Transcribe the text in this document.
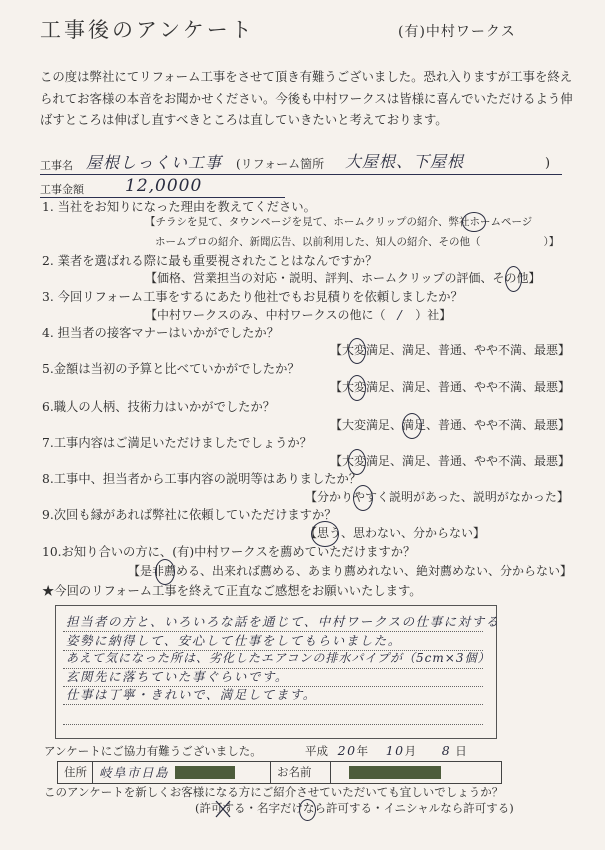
工事後のアンケート	(有)中村ワークス
この度は弊社にてリフォーム工事をさせて頂き有難うございました。恐れ入りますが工事を終え
られてお客様の本音をお聞かせください。今後も中村ワークスは皆様に喜んでいただけるよう伸
ばすところは伸ばし直すべきところは直していきたいと考えております。
工事名 屋根しっくい工事 (リフォーム箇所 大屋根、下屋根	)
工事金額 12,0000
1. 当社をお知りになった理由を教えてください。
【チラシを見て、タウンページを見て、ホームクリップの紹介、弊社ホームページ
ホームプロの紹介、新聞広告、以前利用した、知人の紹介、その他（　　　　　　）】
2. 業者を選ばれる際に最も重要視されたことはなんですか？
【価格、営業担当の対応・説明、評判、ホームクリップの評価、その他】
3. 今回リフォーム工事をするにあたり他社でもお見積りを依頼しましたか？
【中村ワークスのみ、中村ワークスの他に（ / ）社】
4. 担当者の接客マナーはいかがでしたか？
【大変満足、満足、普通、やや不満、最悪】
5.金額は当初の予算と比べていかがでしたか？
【大変満足、満足、普通、やや不満、最悪】
6.職人の人柄、技術力はいかがでしたか？
【大変満足、満足、普通、やや不満、最悪】
7.工事内容はご満足いただけましたでしょうか？
【大変満足、満足、普通、やや不満、最悪】
8.工事中、担当者から工事内容の説明等はありましたか？
【分かりやすく説明があった、説明がなかった】
9.次回も縁があれば弊社に依頼していただけますか？
【思う、思わない、分からない】
10.お知り合いの方に、(有)中村ワークスを薦めていただけますか？
【是非薦める、出来れば薦める、あまり薦めれない、絶対薦めない、分からない】
★今回のリフォーム工事を終えて正直なご感想をお願いいたします。
担当者の方と、いろいろな話を通じて、中村ワークスの仕事に対する
姿勢に納得して、安心して仕事をしてもらいました。
あえて気になった所は、劣化したエアコンの排水パイプが（5cm×3個）
玄関先に落ちていた事ぐらいです。
仕事は丁寧・きれいで、満足してます。
アンケートにご協力有難うございました。	平成 20年 10月 8 日
住所 岐阜市日島	お名前
このアンケートを新しくお客様になる方にご紹介させていただいても宜しいでしょうか？
(許可する・名字だけなら許可する・イニシャルなら許可する)
